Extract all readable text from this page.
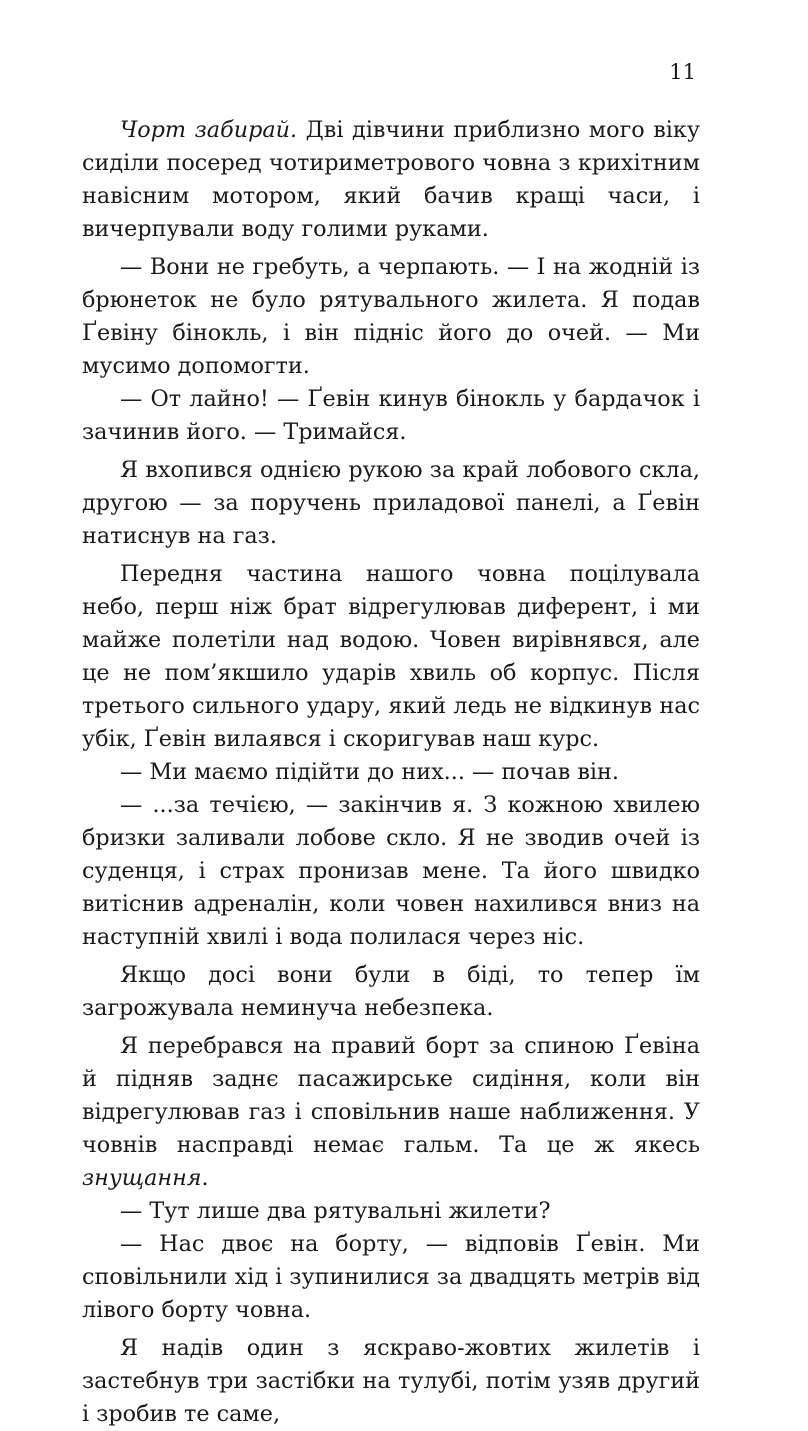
11

Чорт забирай. Дві дівчини приблизно мого віку сиділи посеред чотириметрового човна з крихітним навісним мотором, який бачив кращі часи, і вичерпували воду голими руками.

— Вони не гребуть, а черпають. — І на жодній із брюнеток не було рятувального жилета. Я подав Ґевіну бінокль, і він підніс його до очей. — Ми мусимо допомогти.

— От лайно! — Ґевін кинув бінокль у бардачок і зачинив його. — Тримайся.

Я вхопився однією рукою за край лобового скла, другою — за поручень приладової панелі, а Ґевін натиснув на газ.

Передня частина нашого човна поцілувала небо, перш ніж брат відрегулював диферент, і ми майже полетіли над водою. Човен вирівнявся, але це не пом’якшило ударів хвиль об корпус. Після третього сильного удару, який ледь не відкинув нас убік, Ґевін вилаявся і скоригував наш курс.

— Ми маємо підійти до них... — почав він.

— ...за течією, — закінчив я. З кожною хвилею бризки заливали лобове скло. Я не зводив очей із суденця, і страх пронизав мене. Та його швидко витіснив адреналін, коли човен нахилився вниз на наступній хвилі і вода полилася через ніс.

Якщо досі вони були в біді, то тепер їм загрожувала неминуча небезпека.

Я перебрався на правий борт за спиною Ґевіна й підняв заднє пасажирське сидіння, коли він відрегулював газ і сповільнив наше наближення. У човнів насправді немає гальм. Та це ж якесь знущання.

— Тут лише два рятувальні жилети?

— Нас двоє на борту, — відповів Ґевін. Ми сповільнили хід і зупинилися за двадцять метрів від лівого борту човна.

Я надів один з яскраво-жовтих жилетів і застебнув три застібки на тулубі, потім узяв другий і зробив те саме,
